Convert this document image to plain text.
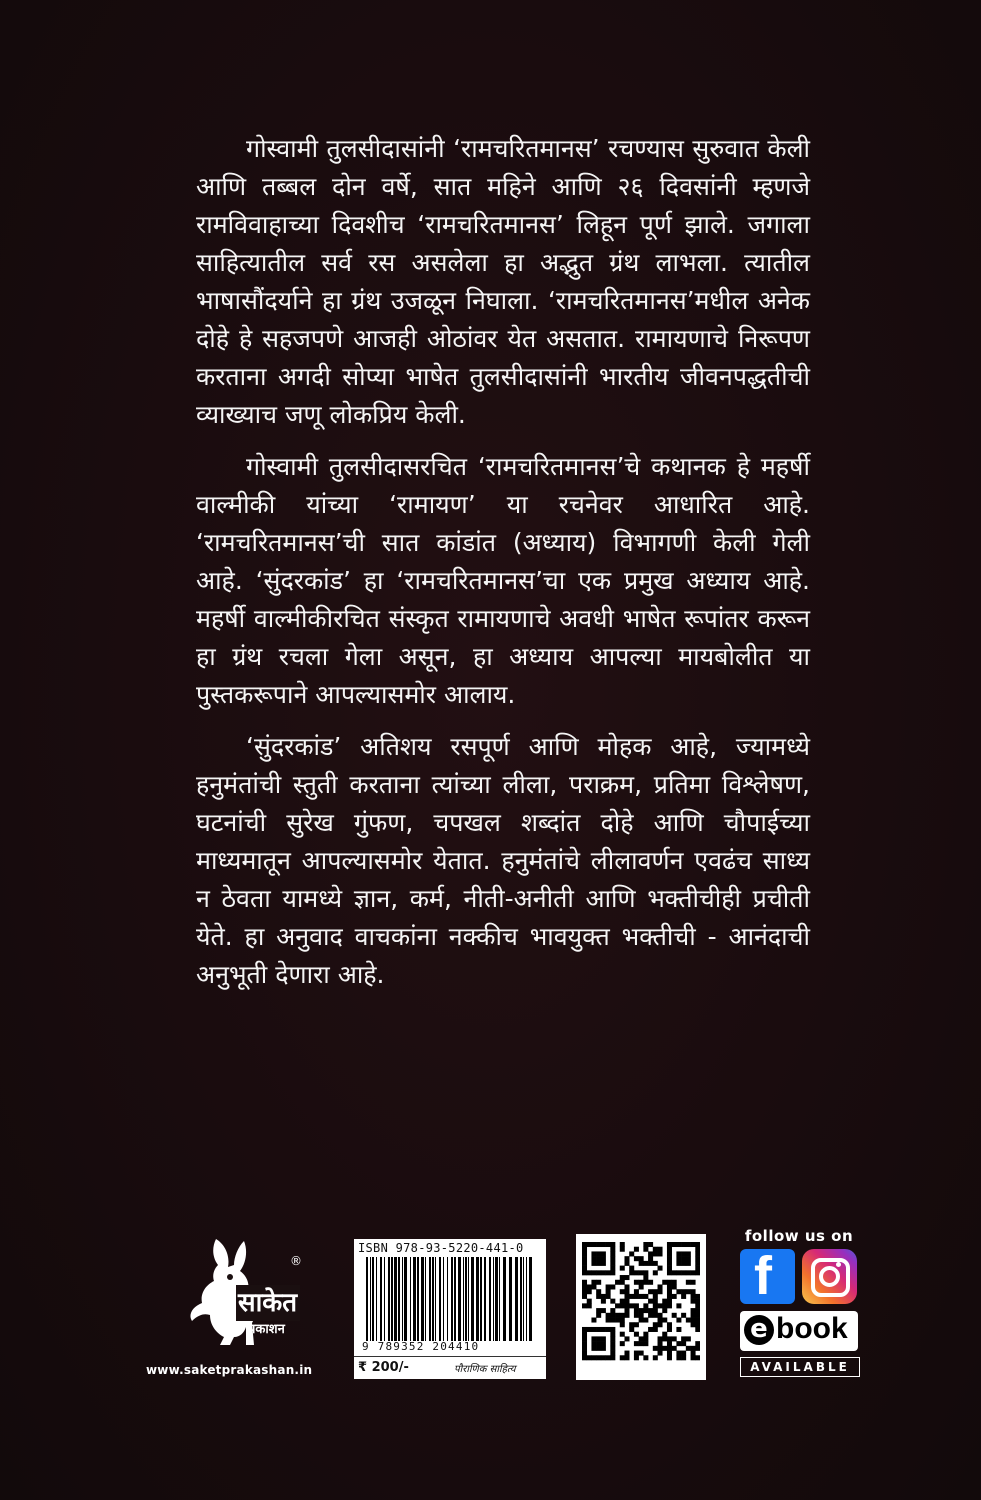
गोस्वामी तुलसीदासांनी ‘रामचरितमानस’ रचण्यास सुरुवात केली आणि तब्बल दोन वर्षे, सात महिने आणि २६ दिवसांनी म्हणजे रामविवाहाच्या दिवशीच ‘रामचरितमानस’ लिहून पूर्ण झाले. जगाला साहित्यातील सर्व रस असलेला हा अद्भुत ग्रंथ लाभला. त्यातील भाषासौंदर्याने हा ग्रंथ उजळून निघाला. ‘रामचरितमानस’मधील अनेक दोहे हे सहजपणे आजही ओठांवर येत असतात. रामायणाचे निरूपण करताना अगदी सोप्या भाषेत तुलसीदासांनी भारतीय जीवनपद्धतीची व्याख्याच जणू लोकप्रिय केली.

गोस्वामी तुलसीदासरचित ‘रामचरितमानस’चे कथानक हे महर्षी वाल्मीकी यांच्या ‘रामायण’ या रचनेवर आधारित आहे. ‘रामचरितमानस’ची सात कांडांत (अध्याय) विभागणी केली गेली आहे. ‘सुंदरकांड’ हा ‘रामचरितमानस’चा एक प्रमुख अध्याय आहे. महर्षी वाल्मीकीरचित संस्कृत रामायणाचे अवधी भाषेत रूपांतर करून हा ग्रंथ रचला गेला असून, हा अध्याय आपल्या मायबोलीत या पुस्तकरूपाने आपल्यासमोर आलाय.

‘सुंदरकांड’ अतिशय रसपूर्ण आणि मोहक आहे, ज्यामध्ये हनुमंतांची स्तुती करताना त्यांच्या लीला, पराक्रम, प्रतिमा विश्लेषण, घटनांची सुरेख गुंफण, चपखल शब्दांत दोहे आणि चौपाईच्या माध्यमातून आपल्यासमोर येतात. हनुमंतांचे लीलावर्णन एवढंच साध्य न ठेवता यामध्ये ज्ञान, कर्म, नीती-अनीती आणि भक्तीचीही प्रचीती येते. हा अनुवाद वाचकांना नक्कीच भावयुक्त भक्तीची - आनंदाची अनुभूती देणारा आहे.

साकेत
प्रकाशन
®
www.saketprakashan.in
ISBN 978-93-5220-441-0
9 789352 204410
₹ 200/-	पौराणिक साहित्य
follow us on
f
e book
AVAILABLE
